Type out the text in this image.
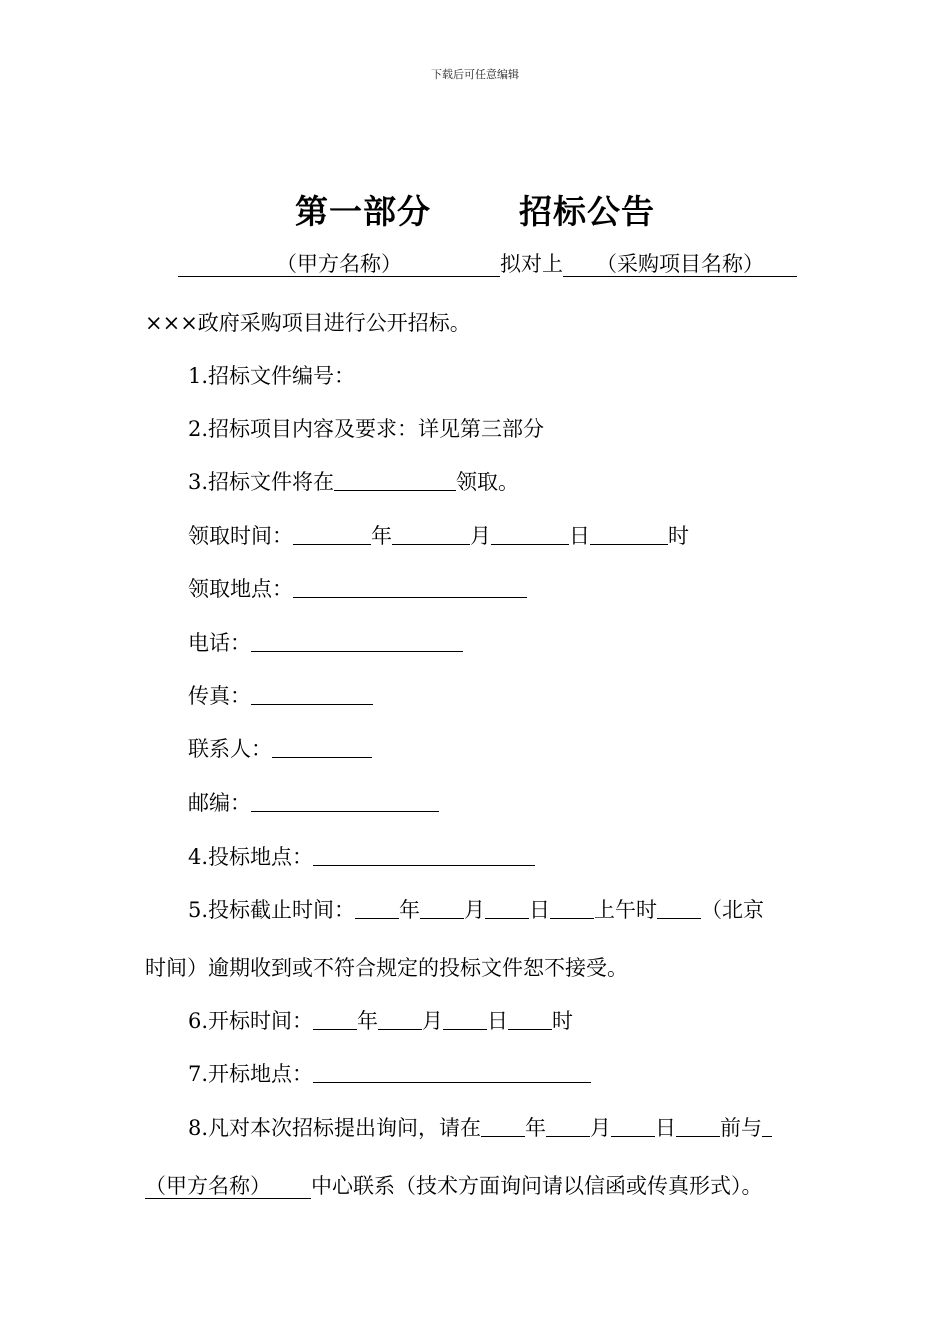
下载后可任意编辑
第一部分	招标公告
（甲方名称）	拟对上 （采购项目名称）
×××政府采购项目进行公开招标。
1.招标文件编号：
2.招标项目内容及要求：详见第三部分
3.招标文件将在	领取。
领取时间：	年	月	日	时
领取地点：
电话：
传真：
联系人：
邮编：
4.投标地点：
5.投标截止时间： 年 月 日 上午时 （北京
时间）逾期收到或不符合规定的投标文件恕不接受。
6.开标时间： 年 月 日 时
7.开标地点：
8.凡对本次招标提出询问，请在 年 月 日 前与
（甲方名称） 中心联系（技术方面询问请以信函或传真形式）。
